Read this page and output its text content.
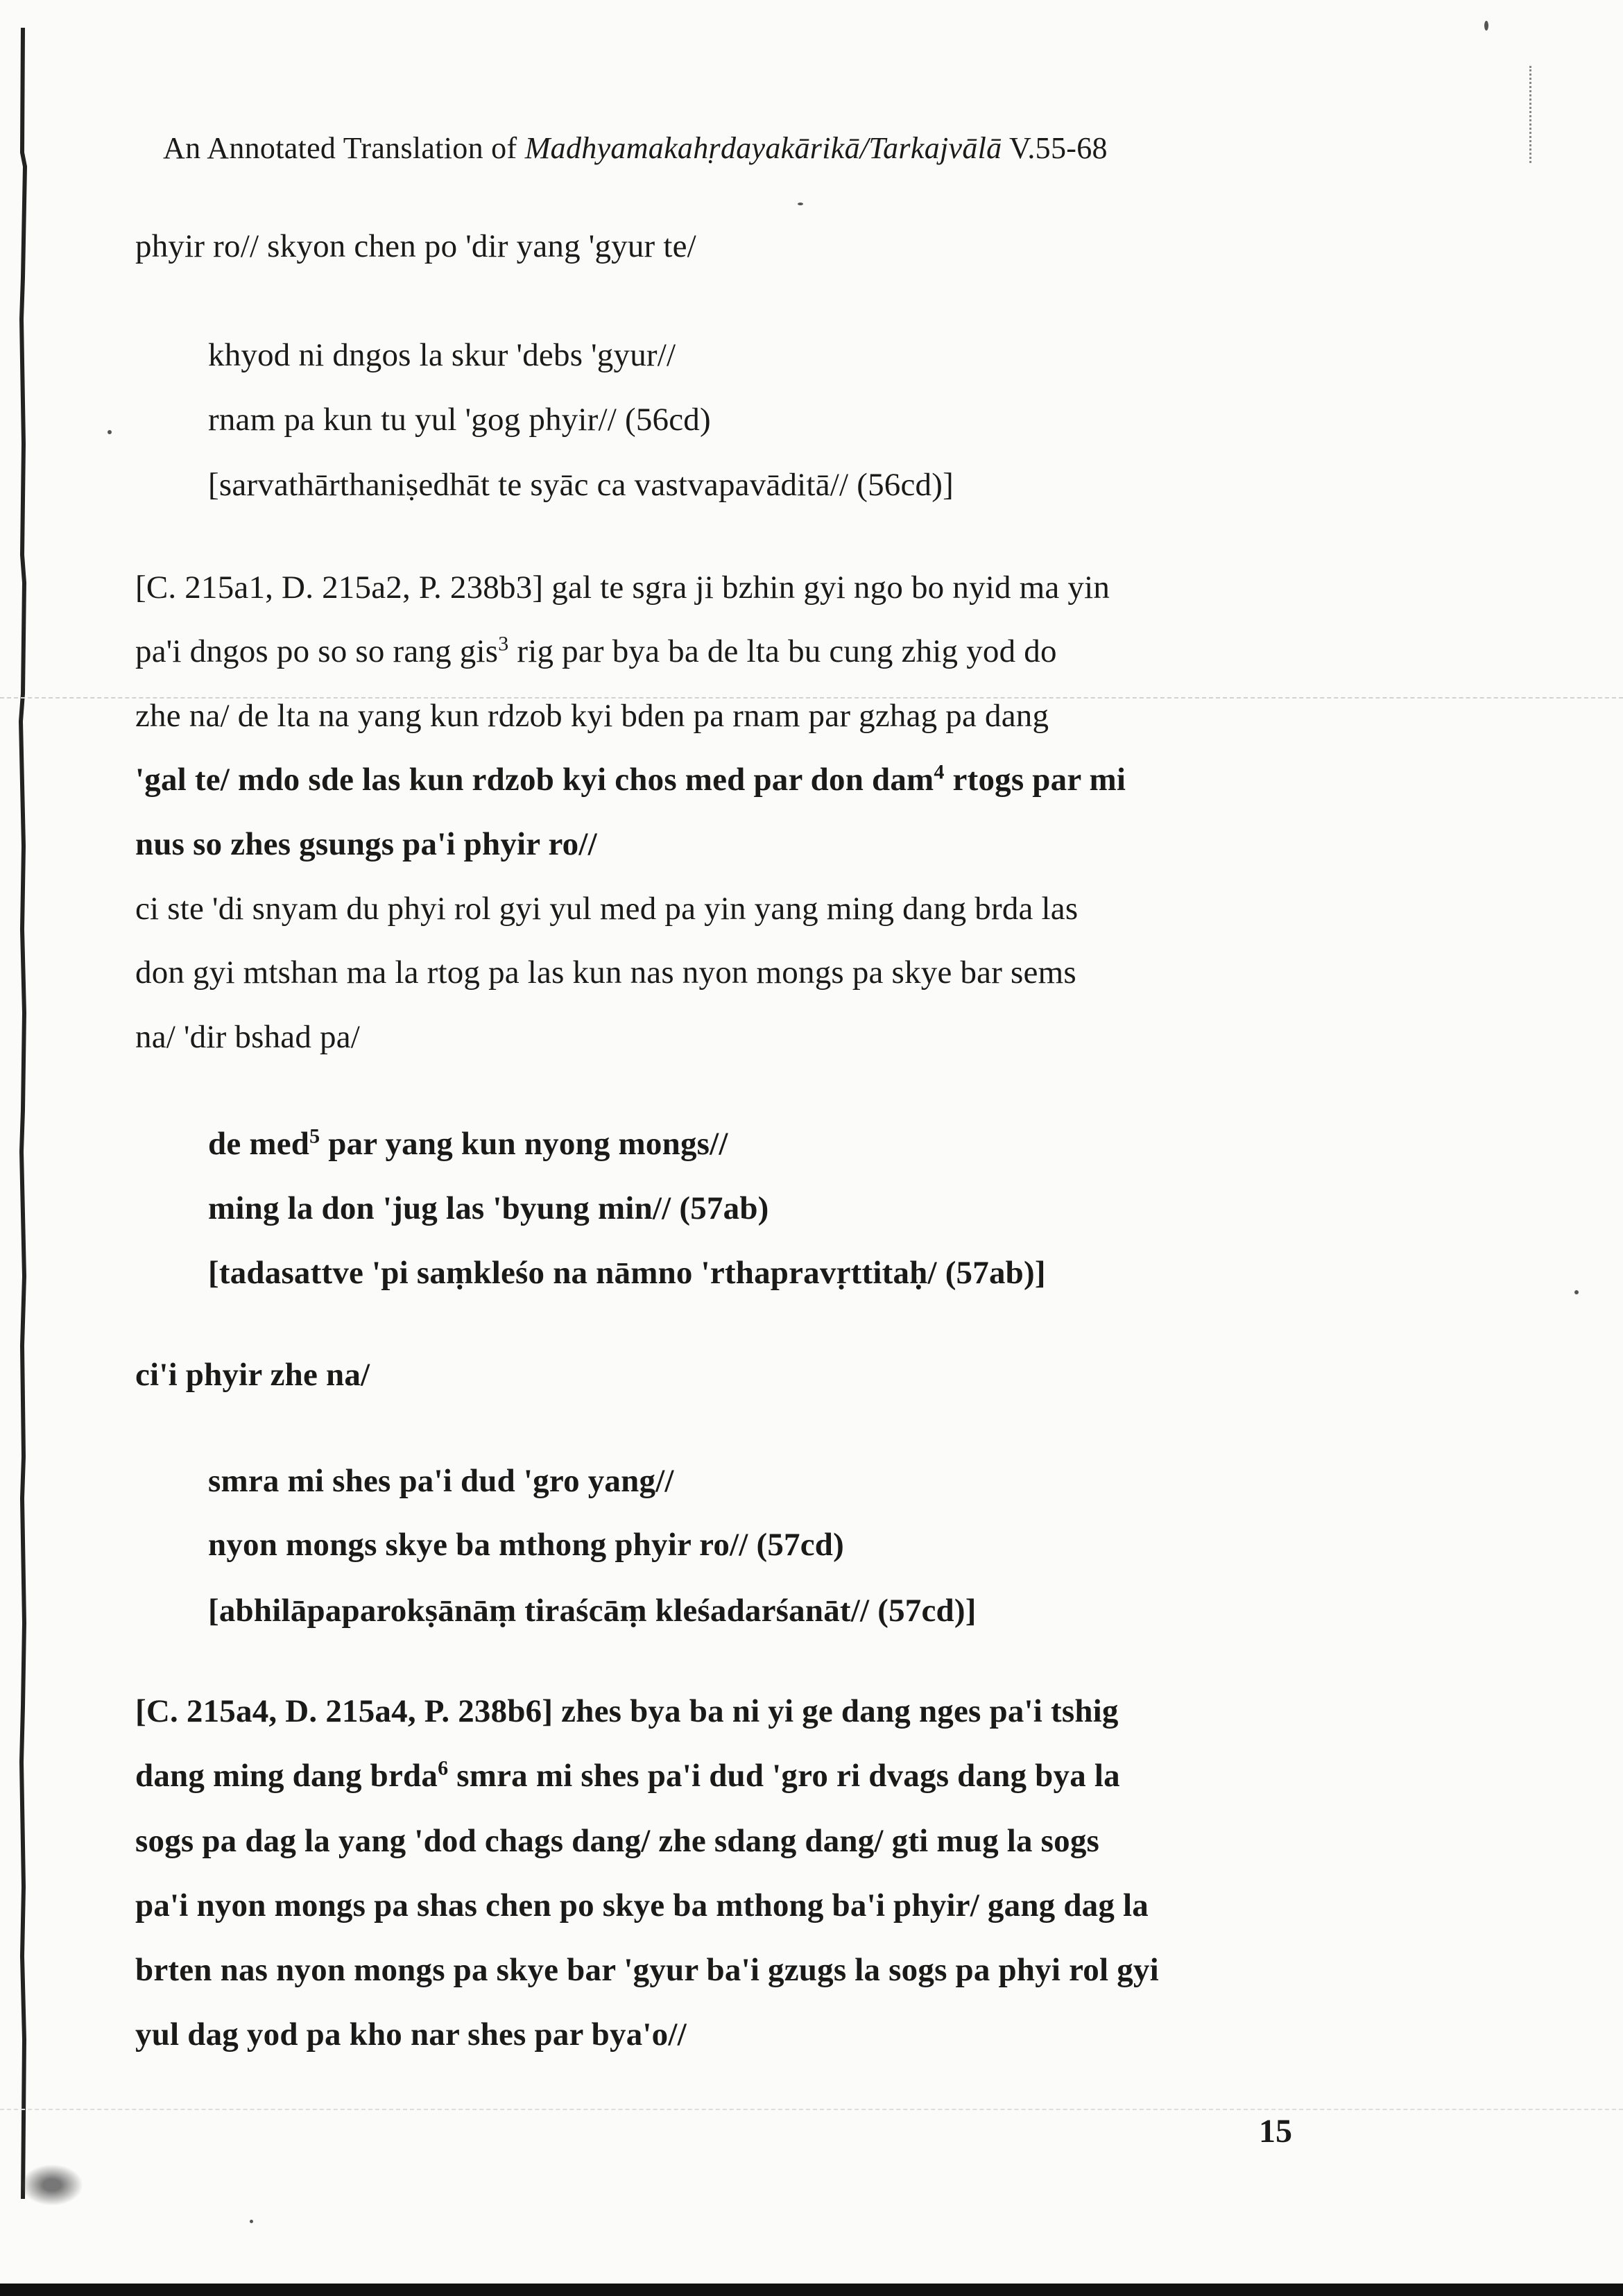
An Annotated Translation of Madhyamakahṛdayakārikā/Tarkajvālā V.55-68
phyir ro// skyon chen po 'dir yang 'gyur te/
khyod ni dngos la skur 'debs 'gyur//
rnam pa kun tu yul 'gog phyir// (56cd)
[sarvathārthaniṣedhāt te syāc ca vastvapavāditā// (56cd)]
[C. 215a1, D. 215a2, P. 238b3] gal te sgra ji bzhin gyi ngo bo nyid ma yin
pa'i dngos po so so rang gis$^3$ rig par bya ba de lta bu cung zhig yod do
zhe na/ de lta na yang kun rdzob kyi bden pa rnam par gzhag pa dang
'gal te/ mdo sde las kun rdzob kyi chos med par don dam$^4$ rtogs par mi
nus so zhes gsungs pa'i phyir ro//
ci ste 'di snyam du phyi rol gyi yul med pa yin yang ming dang brda las
don gyi mtshan ma la rtog pa las kun nas nyon mongs pa skye bar sems
na/ 'dir bshad pa/
de med$^5$ par yang kun nyong mongs//
ming la don 'jug las 'byung min// (57ab)
[tadasattve 'pi saṃkleśo na nāmno 'rthapravṛttitaḥ/ (57ab)]
ci'i phyir zhe na/
smra mi shes pa'i dud 'gro yang//
nyon mongs skye ba mthong phyir ro// (57cd)
[abhilāpaparokṣānāṃ tiraścāṃ kleśadarśanāt// (57cd)]
[C. 215a4, D. 215a4, P. 238b6] zhes bya ba ni yi ge dang nges pa'i tshig
dang ming dang brda$^6$ smra mi shes pa'i dud 'gro ri dvags dang bya la
sogs pa dag la yang 'dod chags dang/ zhe sdang dang/ gti mug la sogs
pa'i nyon mongs pa shas chen po skye ba mthong ba'i phyir/ gang dag la
brten nas nyon mongs pa skye bar 'gyur ba'i gzugs la sogs pa phyi rol gyi
yul dag yod pa kho nar shes par bya'o//
15
